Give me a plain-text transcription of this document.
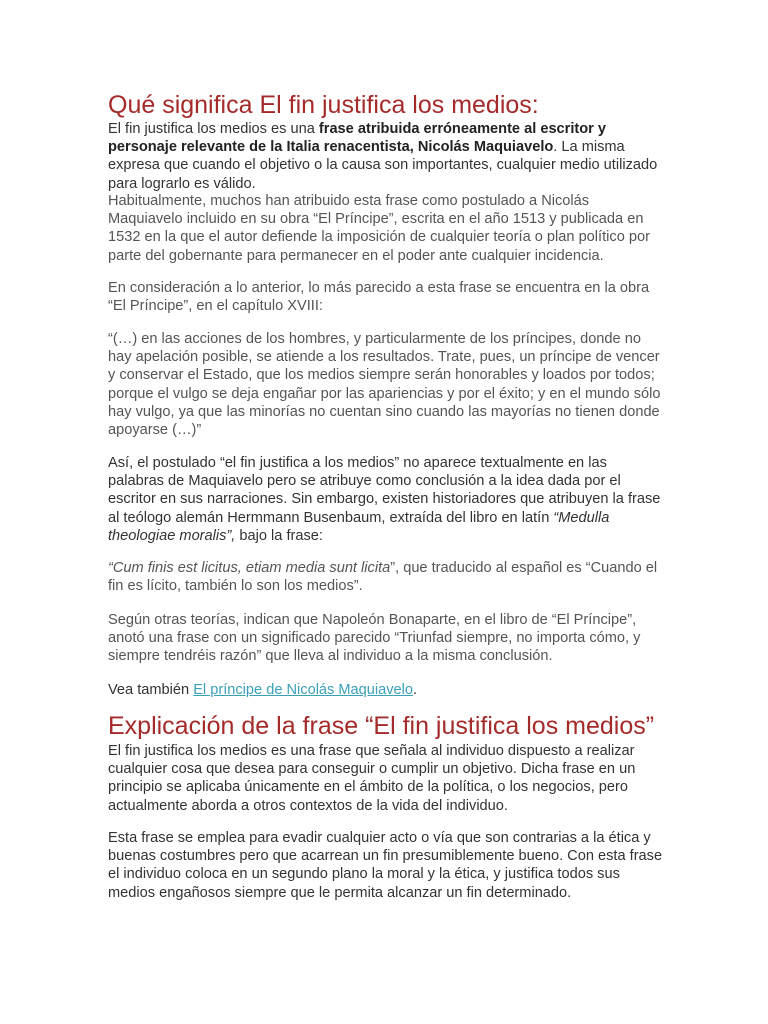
Qué significa El fin justifica los medios:

El fin justifica los medios es una frase atribuida erróneamente al escritor y personaje relevante de la Italia renacentista, Nicolás Maquiavelo. La misma expresa que cuando el objetivo o la causa son importantes, cualquier medio utilizado para lograrlo es válido.

Habitualmente, muchos han atribuido esta frase como postulado a Nicolás Maquiavelo incluido en su obra “El Príncipe”, escrita en el año 1513 y publicada en 1532 en la que el autor defiende la imposición de cualquier teoría o plan político por parte del gobernante para permanecer en el poder ante cualquier incidencia.

En consideración a lo anterior, lo más parecido a esta frase se encuentra en la obra “El Príncipe”, en el capítulo XVIII:

“(…) en las acciones de los hombres, y particularmente de los príncipes, donde no hay apelación posible, se atiende a los resultados. Trate, pues, un príncipe de vencer y conservar el Estado, que los medios siempre serán honorables y loados por todos; porque el vulgo se deja engañar por las apariencias y por el éxito; y en el mundo sólo hay vulgo, ya que las minorías no cuentan sino cuando las mayorías no tienen donde apoyarse (…)”

Así, el postulado “el fin justifica a los medios” no aparece textualmente en las palabras de Maquiavelo pero se atribuye como conclusión a la idea dada por el escritor en sus narraciones. Sin embargo, existen historiadores que atribuyen la frase al teólogo alemán Hermmann Busenbaum, extraída del libro en latín “Medulla theologiae moralis”, bajo la frase:

“Cum finis est licitus, etiam media sunt licita”, que traducido al español es “Cuando el fin es lícito, también lo son los medios”.

Según otras teorías, indican que Napoleón Bonaparte, en el libro de “El Príncipe”, anotó una frase con un significado parecido “Triunfad siempre, no importa cómo, y siempre tendréis razón” que lleva al individuo a la misma conclusión.

Vea también El príncipe de Nicolás Maquiavelo.

Explicación de la frase “El fin justifica los medios”

El fin justifica los medios es una frase que señala al individuo dispuesto a realizar cualquier cosa que desea para conseguir o cumplir un objetivo. Dicha frase en un principio se aplicaba únicamente en el ámbito de la política, o los negocios, pero actualmente aborda a otros contextos de la vida del individuo.

Esta frase se emplea para evadir cualquier acto o vía que son contrarias a la ética y buenas costumbres pero que acarrean un fin presumiblemente bueno. Con esta frase el individuo coloca en un segundo plano la moral y la ética, y justifica todos sus medios engañosos siempre que le permita alcanzar un fin determinado.
